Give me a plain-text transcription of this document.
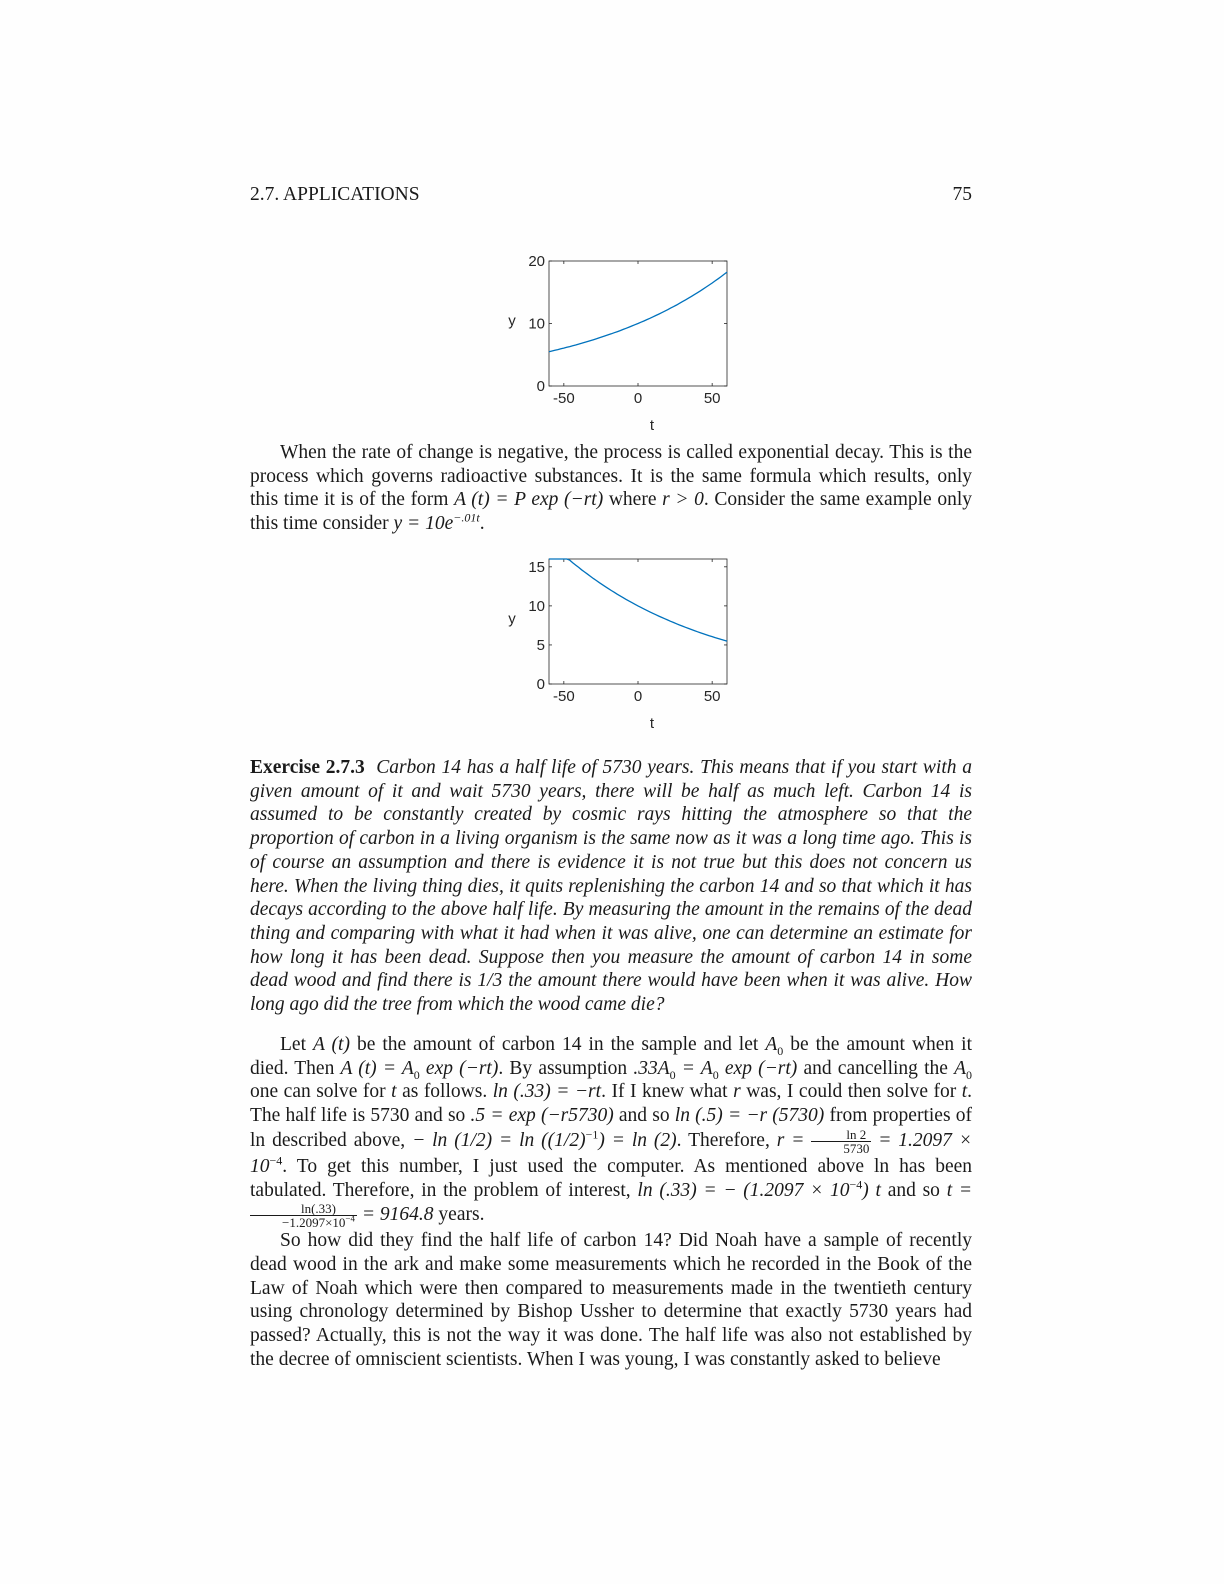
2.7. APPLICATIONS	75
-50	0	50
0
10
20
t
y

When the rate of change is negative, the process is called exponential decay. This is the process which governs radioactive substances. It is the same formula which results, only this time it is of the form A (t) = P exp (−rt) where r > 0. Consider the same example only this time consider $y = 10e^{-.01t}$.

-50	0	50
0
5
10
15
t
y

Exercise 2.7.3 Carbon 14 has a half life of 5730 years. This means that if you start with a given amount of it and wait 5730 years, there will be half as much left. Carbon 14 is assumed to be constantly created by cosmic rays hitting the atmosphere so that the proportion of carbon in a living organism is the same now as it was a long time ago. This is of course an assumption and there is evidence it is not true but this does not concern us here. When the living thing dies, it quits replenishing the carbon 14 and so that which it has decays according to the above half life. By measuring the amount in the remains of the dead thing and comparing with what it had when it was alive, one can determine an estimate for how long it has been dead. Suppose then you measure the amount of carbon 14 in some dead wood and find there is 1/3 the amount there would have been when it was alive. How long ago did the tree from which the wood came die?

Let A (t) be the amount of carbon 14 in the sample and let $A_0$ be the amount when it died. Then A $(t) = A_0$ exp (−rt). By assumption $.33A_0 = A_0$ exp (−rt) and cancelling the $A_0$ one can solve for t as follows. ln (.33) = −rt. If I knew what r was, I could then solve for t. The half life is 5730 and so .5 = exp (−r5730) and so ln (.5) = −r (5730) from properties of ln described above, − $\ln (1/2) = \ln ((1/2)^{-1}) = \ln (2)$. Therefore, $r = \frac{\ln 2}{5730} = 1.2097 \times 10^{-4}$. To get this number, I just used the computer. As mentioned above ln has been tabulated. Therefore, in the problem of interest, ln (.33) = − $(1.2097 \times 10^{-4})$ t and so t =
$\frac{\ln(.33)}{-1.2097\times 10^{-4}} = 9164.8$ years.

So how did they find the half life of carbon 14? Did Noah have a sample of recently dead wood in the ark and make some measurements which he recorded in the Book of the Law of Noah which were then compared to measurements made in the twentieth century using chronology determined by Bishop Ussher to determine that exactly 5730 years had passed? Actually, this is not the way it was done. The half life was also not established by the decree of omniscient scientists. When I was young, I was constantly asked to believe
